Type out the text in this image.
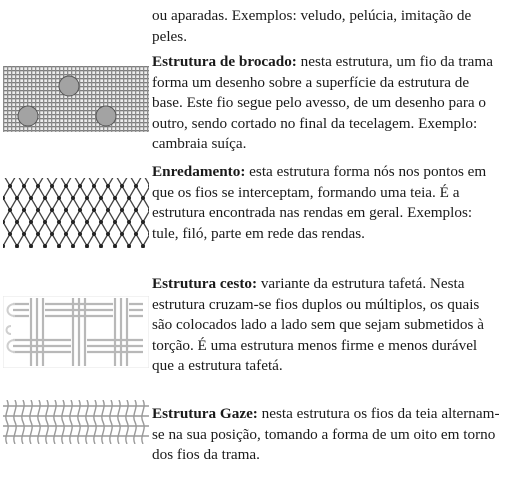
ou aparadas. Exemplos: veludo, pelúcia, imitação de peles.

Estrutura de brocado: nesta estrutura, um fio da trama forma um desenho sobre a superfície da estrutura de base. Este fio segue pelo avesso, de um desenho para o outro, sendo cortado no final da tecelagem. Exemplo: cambraia suíça.

Enredamento: esta estrutura forma nós nos pontos em que os fios se interceptam, formando uma teia. É a estrutura encontrada nas rendas em geral. Exemplos: tule, filó, parte em rede das rendas.

Estrutura cesto: variante da estrutura tafetá. Nesta estrutura cruzam-se fios duplos ou múltiplos, os quais são colocados lado a lado sem que sejam submetidos à torção. É uma estrutura menos firme e menos durável que a estrutura tafetá.

Estrutura Gaze: nesta estrutura os fios da teia alternam-se na sua posição, tomando a forma de um oito em torno dos fios da trama.
